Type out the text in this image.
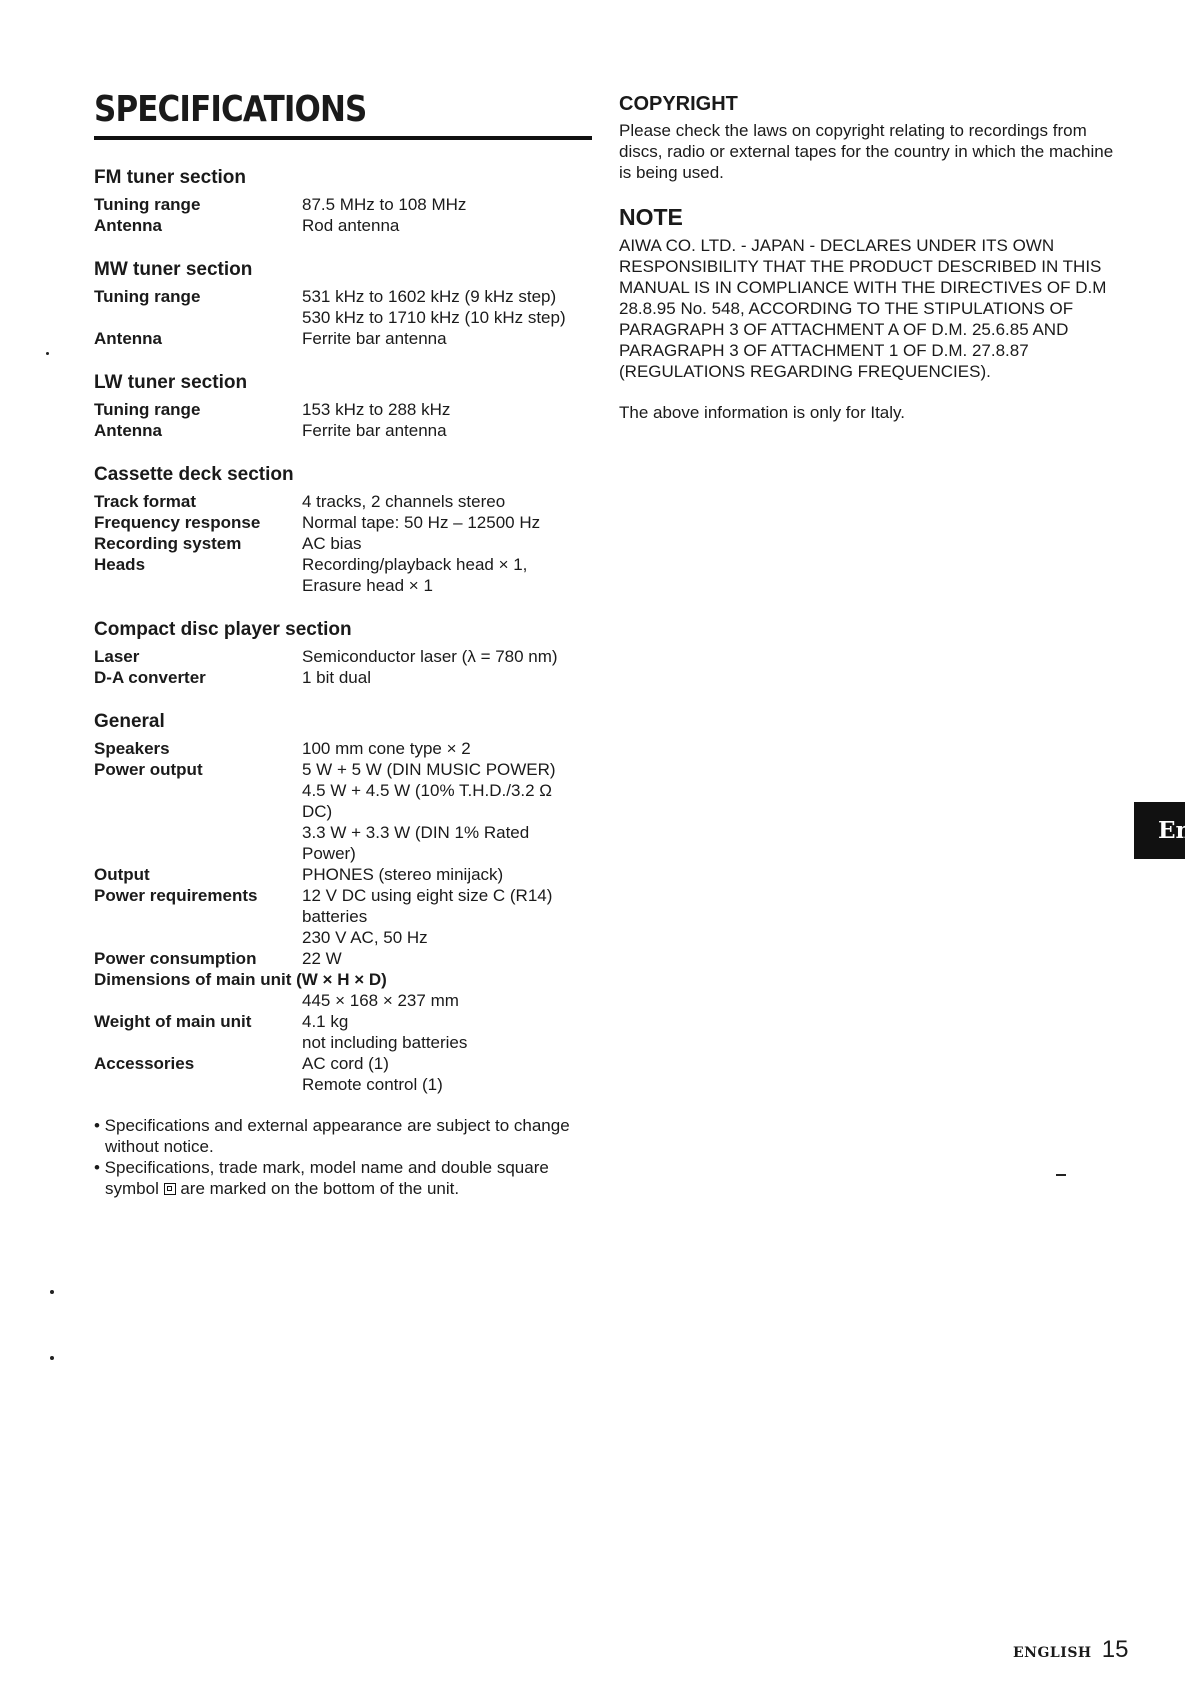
SPECIFICATIONS
FM tuner section
Tuning range	87.5 MHz to 108 MHz
Antenna	Rod antenna
MW tuner section
Tuning range	531 kHz to 1602 kHz (9 kHz step)
530 kHz to 1710 kHz (10 kHz step)
Antenna	Ferrite bar antenna
LW tuner section
Tuning range	153 kHz to 288 kHz
Antenna	Ferrite bar antenna
Cassette deck section
Track format	4 tracks, 2 channels stereo
Frequency response	Normal tape: 50 Hz – 12500 Hz
Recording system	AC bias
Heads	Recording/playback head × 1,
Erasure head × 1
Compact disc player section
Laser	Semiconductor laser (λ = 780 nm)
D-A converter	1 bit dual
General
Speakers	100 mm cone type × 2
Power output	5 W + 5 W (DIN MUSIC POWER)
4.5 W + 4.5 W (10% T.H.D./3.2 Ω
DC)
3.3 W + 3.3 W (DIN 1% Rated
Power)
Output	PHONES (stereo minijack)
Power requirements	12 V DC using eight size C (R14)
batteries
230 V AC, 50 Hz
Power consumption	22 W
Dimensions of main unit (W × H × D)
445 × 168 × 237 mm
Weight of main unit	4.1 kg
not including batteries
Accessories	AC cord (1)
Remote control (1)
• Specifications and external appearance are subject to change without notice.
• Specifications, trade mark, model name and double square symbol are marked on the bottom of the unit.
COPYRIGHT

Please check the laws on copyright relating to recordings from discs, radio or external tapes for the country in which the machine is being used.

NOTE

AIWA CO. LTD. - JAPAN - DECLARES UNDER ITS OWN RESPONSIBILITY THAT THE PRODUCT DESCRIBED IN THIS MANUAL IS IN COMPLIANCE WITH THE DIRECTIVES OF D.M 28.8.95 No. 548, ACCORDING TO THE STIPULATIONS OF PARAGRAPH 3 OF ATTACHMENT A OF D.M. 25.6.85 AND PARAGRAPH 3 OF ATTACHMENT 1 OF D.M. 27.8.87 (REGULATIONS REGARDING FREQUENCIES).

The above information is only for Italy.

En
ENGLISH 15
